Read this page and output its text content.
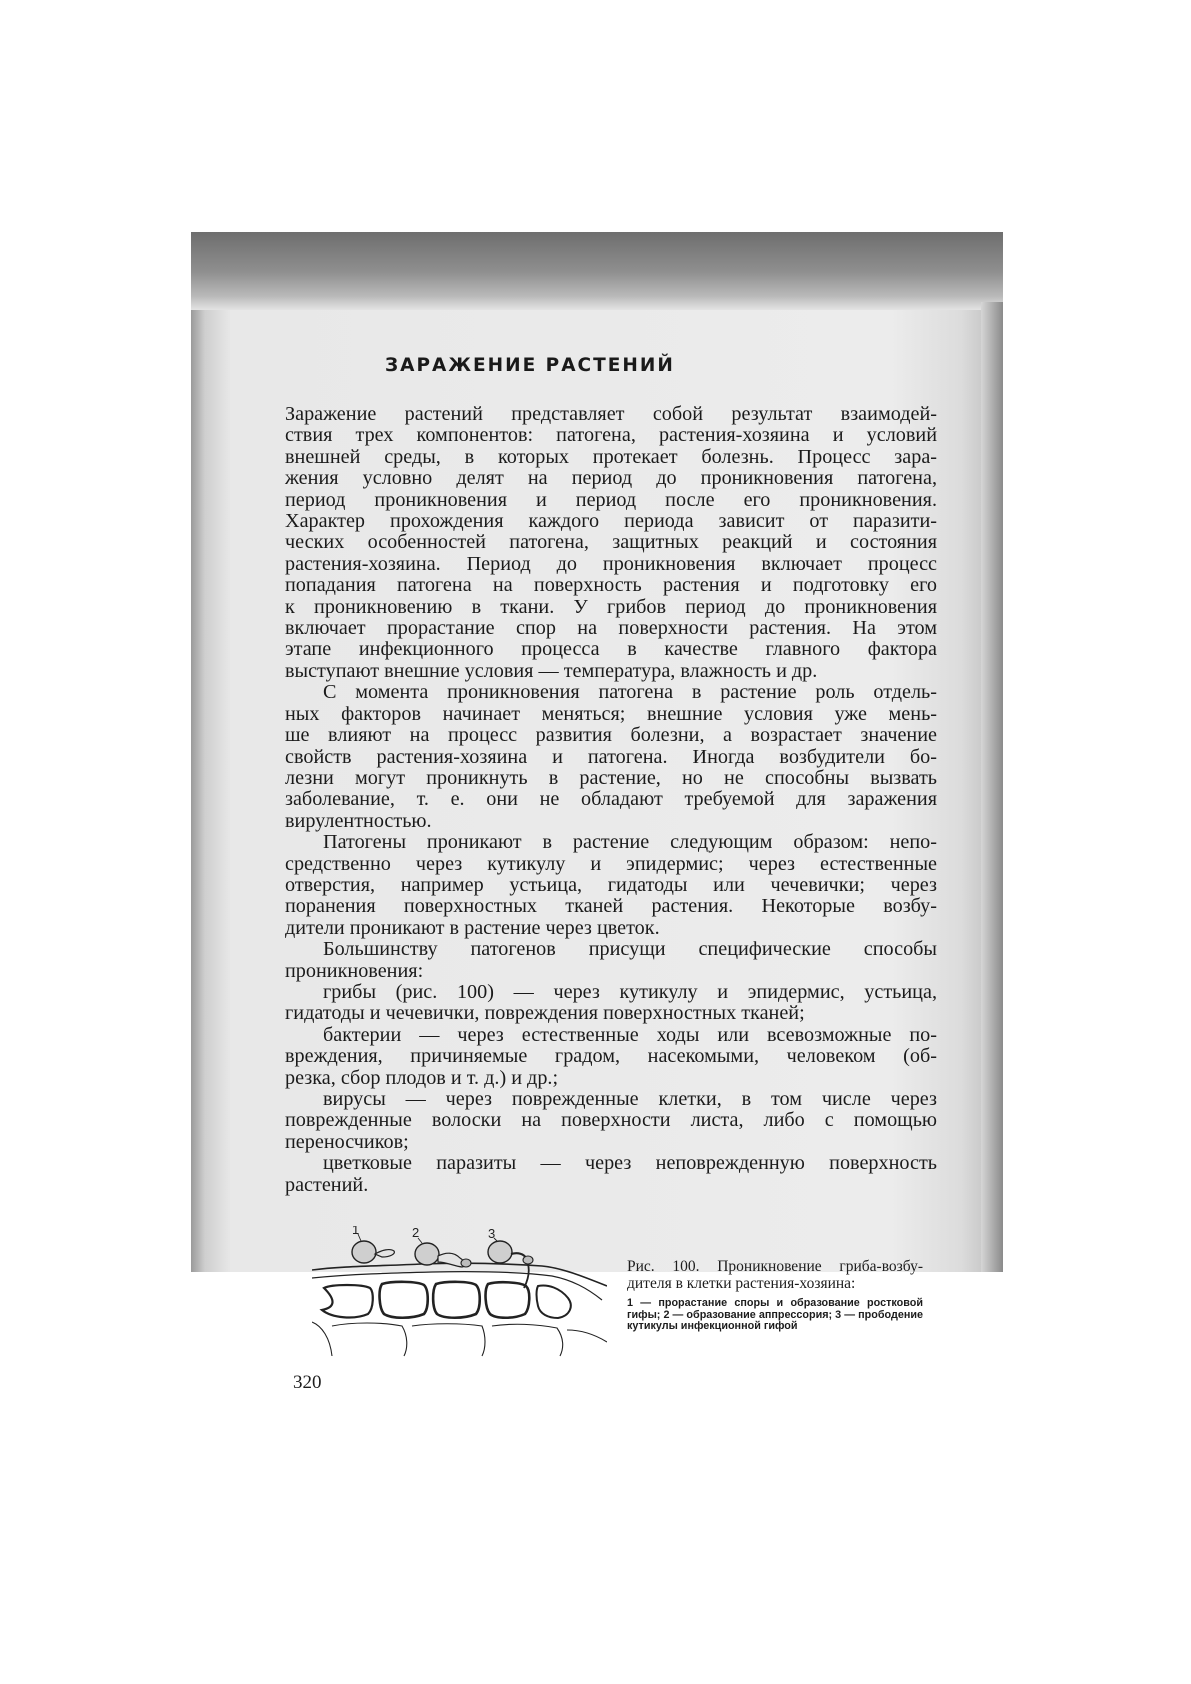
ЗАРАЖЕНИЕ РАСТЕНИЙ

Заражение растений представляет собой результат взаимодей-

ствия трех компонентов: патогена, растения-хозяина и условий

внешней среды, в которых протекает болезнь. Процесс зара-

жения условно делят на период до проникновения патогена,

период проникновения и период после его проникновения.

Характер прохождения каждого периода зависит от паразити-

ческих особенностей патогена, защитных реакций и состояния

растения-хозяина. Период до проникновения включает процесс

попадания патогена на поверхность растения и подготовку его

к проникновению в ткани. У грибов период до проникновения

включает прорастание спор на поверхности растения. На этом

этапе инфекционного процесса в качестве главного фактора

выступают внешние условия — температура, влажность и др.

С момента проникновения патогена в растение роль отдель-

ных факторов начинает меняться; внешние условия уже мень-

ше влияют на процесс развития болезни, а возрастает значение

свойств растения-хозяина и патогена. Иногда возбудители бо-

лезни могут проникнуть в растение, но не способны вызвать

заболевание, т. е. они не обладают требуемой для заражения

вирулентностью.

Патогены проникают в растение следующим образом: непо-

средственно через кутикулу и эпидермис; через естественные

отверстия, например устьица, гидатоды или чечевички; через

поранения поверхностных тканей растения. Некоторые возбу-

дители проникают в растение через цветок.

Большинству патогенов присущи специфические способы

проникновения:

грибы (рис. 100) — через кутикулу и эпидермис, устьица,

гидатоды и чечевички, повреждения поверхностных тканей;

бактерии — через естественные ходы или всевозможные по-

вреждения, причиняемые градом, насекомыми, человеком (об-

резка, сбор плодов и т. д.) и др.;

вирусы — через поврежденные клетки, в том числе через

поврежденные волоски на поверхности листа, либо с помощью

переносчиков;

цветковые паразиты — через неповрежденную поверхность

растений.

1	2	3

Рис. 100. Проникновение гриба-возбу-дителя в клетки растения-хозяина:

1 — прорастание споры и образование ростковой гифы; 2 — образование аппрессория; 3 — прободение кутикулы инфекционной гифой

320
